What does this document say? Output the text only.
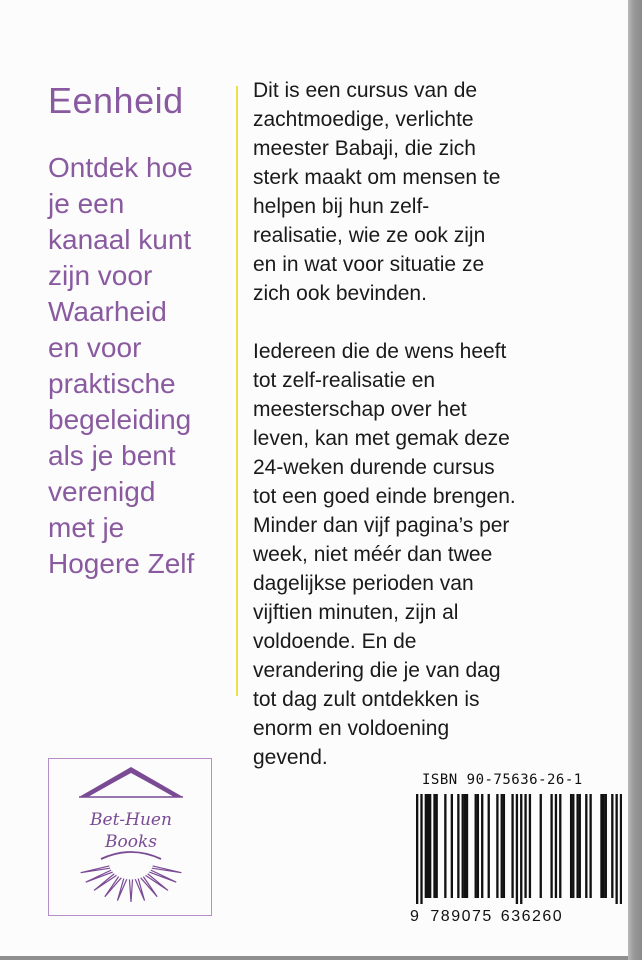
Eenheid
Ontdek hoe
je een
kanaal kunt
zijn voor
Waarheid
en voor
praktische
begeleiding
als je bent
verenigd
met je
Hogere Zelf

Dit is een cursus van de
zachtmoedige, verlichte
meester Babaji, die zich
sterk maakt om mensen te
helpen bij hun zelf-
realisatie, wie ze ook zijn
en in wat voor situatie ze
zich ook bevinden.

Iedereen die de wens heeft
tot zelf-realisatie en
meesterschap over het
leven, kan met gemak deze
24-weken durende cursus
tot een goed einde brengen.
Minder dan vijf pagina’s per
week, niet méér dan twee
dagelijkse perioden van
vijftien minuten, zijn al
voldoende. En de
verandering die je van dag
tot dag zult ontdekken is
enorm en voldoening
gevend.

Bet-Huen
Books
ISBN 90-75636-26-1
9 789075 636260
